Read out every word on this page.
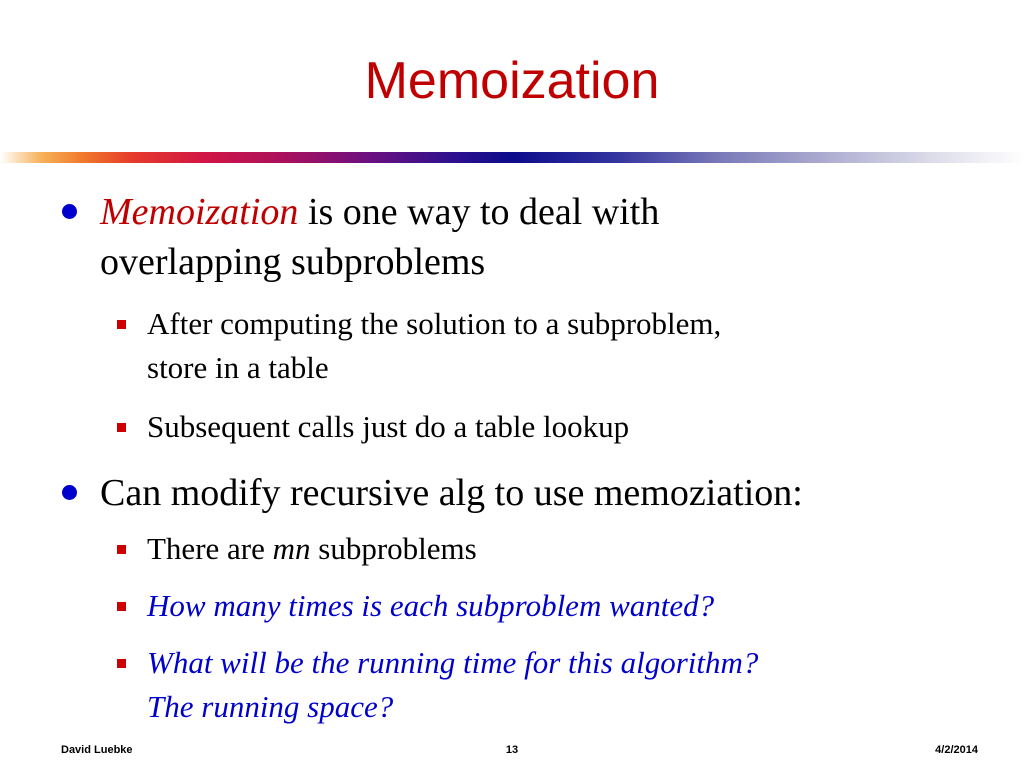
Memoization
Memoization is one way to deal with
overlapping subproblems
After computing the solution to a subproblem,
store in a table
Subsequent calls just do a table lookup
Can modify recursive alg to use memoziation:
There are mn subproblems
How many times is each subproblem wanted?
What will be the running time for this algorithm?
The running space?
David Luebke	13	4/2/2014
